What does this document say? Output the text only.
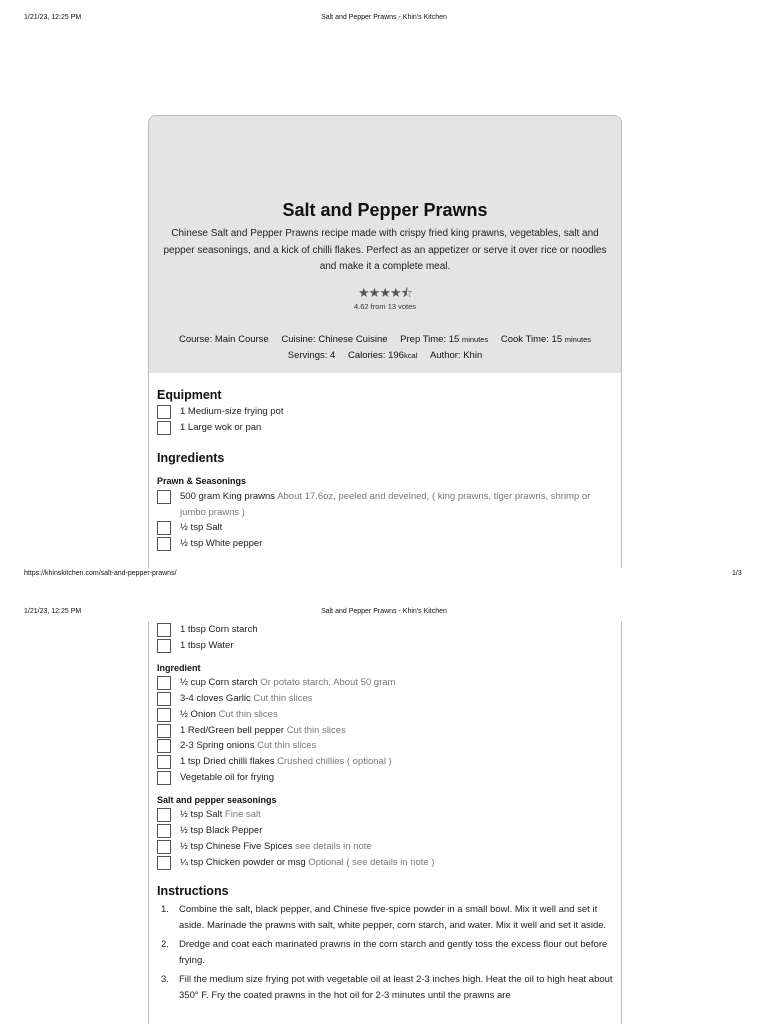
1/21/23, 12:25 PM	Salt and Pepper Prawns - Khin's Kitchen
Salt and Pepper Prawns
Chinese Salt and Pepper Prawns recipe made with crispy fried king prawns, vegetables, salt and pepper seasonings, and a kick of chilli flakes. Perfect as an appetizer or serve it over rice or noodles and make it a complete meal.
★★★★⯪
4.62 from 13 votes
Course: Main Course Cuisine: Chinese Cuisine Prep Time: 15 minutes Cook Time: 15 minutes
Servings: 4 Calories: 196kcal Author: Khin
Equipment
1 Medium-size frying pot
1 Large wok or pan
Ingredients
Prawn & Seasonings
500 gram King prawns About 17.6oz, peeled and deveined, ( king prawns, tiger prawns, shrimp or jumbo prawns )
½ tsp Salt
½ tsp White pepper
https://khinskitchen.com/salt-and-pepper-prawns/	1/3
1/21/23, 12:25 PM	Salt and Pepper Prawns - Khin's Kitchen
1 tbsp Corn starch
1 tbsp Water
Ingredient
½ cup Corn starch Or potato starch, About 50 gram
3-4 cloves Garlic Cut thin slices
½ Onion Cut thin slices
1 Red/Green bell pepper Cut thin slices
2-3 Spring onions Cut thin slices
1 tsp Dried chilli flakes Crushed chillies ( optional )
Vegetable oil for frying
Salt and pepper seasonings
½ tsp Salt Fine salt
½ tsp Black Pepper
½ tsp Chinese Five Spices see details in note
¼ tsp Chicken powder or msg Optional ( see details in note )
Instructions
1. Combine the salt, black pepper, and Chinese five-spice powder in a small bowl. Mix it well and set it aside. Marinade the prawns with salt, white pepper, corn starch, and water. Mix it well and set it aside.
2. Dredge and coat each marinated prawns in the corn starch and gently toss the excess flour out before frying.
3. Fill the medium size frying pot with vegetable oil at least 2-3 inches high. Heat the oil to high heat about 350° F. Fry the coated prawns in the hot oil for 2-3 minutes until the prawns are
